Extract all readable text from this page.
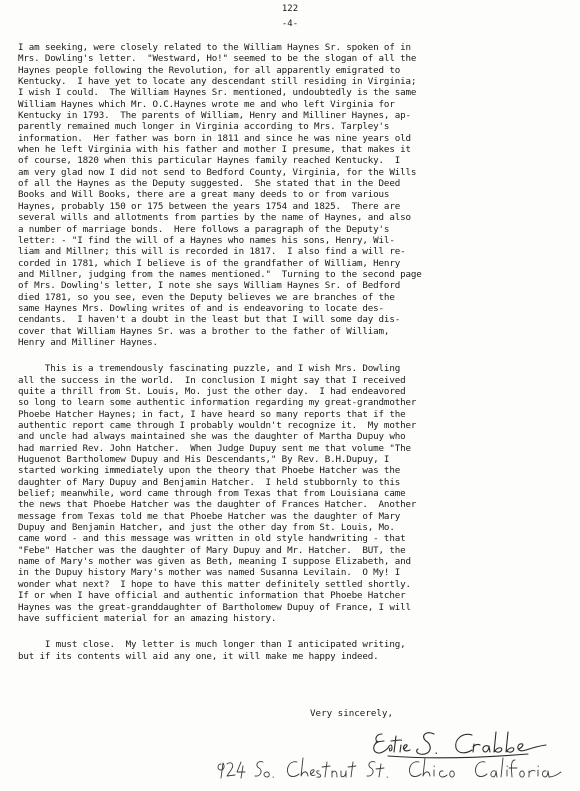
122
-4-
I am seeking, were closely related to the William Haynes Sr. spoken of in
Mrs. Dowling's letter.  "Westward, Ho!" seemed to be the slogan of all the
Haynes people following the Revolution, for all apparently emigrated to
Kentucky.  I have yet to locate any descendant still residing in Virginia;
I wish I could.  The William Haynes Sr. mentioned, undoubtedly is the same
William Haynes which Mr. O.C.Haynes wrote me and who left Virginia for
Kentucky in 1793.  The parents of William, Henry and Milliner Haynes, ap-
parently remained much longer in Virginia according to Mrs. Tarpley's
information.  Her father was born in 1811 and since he was nine years old
when he left Virginia with his father and mother I presume, that makes it
of course, 1820 when this particular Haynes family reached Kentucky.  I
am very glad now I did not send to Bedford County, Virginia, for the Wills
of all the Haynes as the Deputy suggested.  She stated that in the Deed
Books and Will Books, there are a great many deeds to or from various
Haynes, probably 150 or 175 between the years 1754 and 1825.  There are
several wills and allotments from parties by the name of Haynes, and also
a number of marriage bonds.  Here follows a paragraph of the Deputy's
letter: - "I find the will of a Haynes who names his sons, Henry, Wil-
liam and Millner; this will is recorded in 1817.  I also find a will re-
corded in 1781, which I believe is of the grandfather of William, Henry
and Millner, judging from the names mentioned."  Turning to the second page
of Mrs. Dowling's letter, I note she says William Haynes Sr. of Bedford
died 1781, so you see, even the Deputy believes we are branches of the
same Haynes Mrs. Dowling writes of and is endeavoring to locate des-
cendants.  I haven't a doubt in the least but that I will some day dis-
cover that William Haynes Sr. was a brother to the father of William,
Henry and Milliner Haynes.
This is a tremendously fascinating puzzle, and I wish Mrs. Dowling
all the success in the world.  In conclusion I might say that I received
quite a thrill from St. Louis, Mo. just the other day.  I had endeavored
so long to learn some authentic information regarding my great-grandmother
Phoebe Hatcher Haynes; in fact, I have heard so many reports that if the
authentic report came through I probably wouldn't recognize it.  My mother
and uncle had always maintained she was the daughter of Martha Dupuy who
had married Rev. John Hatcher.  When Judge Dupuy sent me that volume "The
Huguenot Bartholomew Dupuy and His Descendants," By Rev. B.H.Dupuy, I
started working immediately upon the theory that Phoebe Hatcher was the
daughter of Mary Dupuy and Benjamin Hatcher.  I held stubbornly to this
belief; meanwhile, word came through from Texas that from Louisiana came
the news that Phoebe Hatcher was the daughter of Frances Hatcher.  Another
message from Texas told me that Phoebe Hatcher was the daughter of Mary
Dupuy and Benjamin Hatcher, and just the other day from St. Louis, Mo.
came word - and this message was written in old style handwriting - that
"Febe" Hatcher was the daughter of Mary Dupuy and Mr. Hatcher.  BUT, the
name of Mary's mother was given as Beth, meaning I suppose Elizabeth, and
in the Dupuy history Mary's mother was named Susanna Levilain.  O My! I
wonder what next?  I hope to have this matter definitely settled shortly.
If or when I have official and authentic information that Phoebe Hatcher
Haynes was the great-granddaughter of Bartholomew Dupuy of France, I will
have sufficient material for an amazing history.
I must close.  My letter is much longer than I anticipated writing,
but if its contents will aid any one, it will make me happy indeed.
Very sincerely,
